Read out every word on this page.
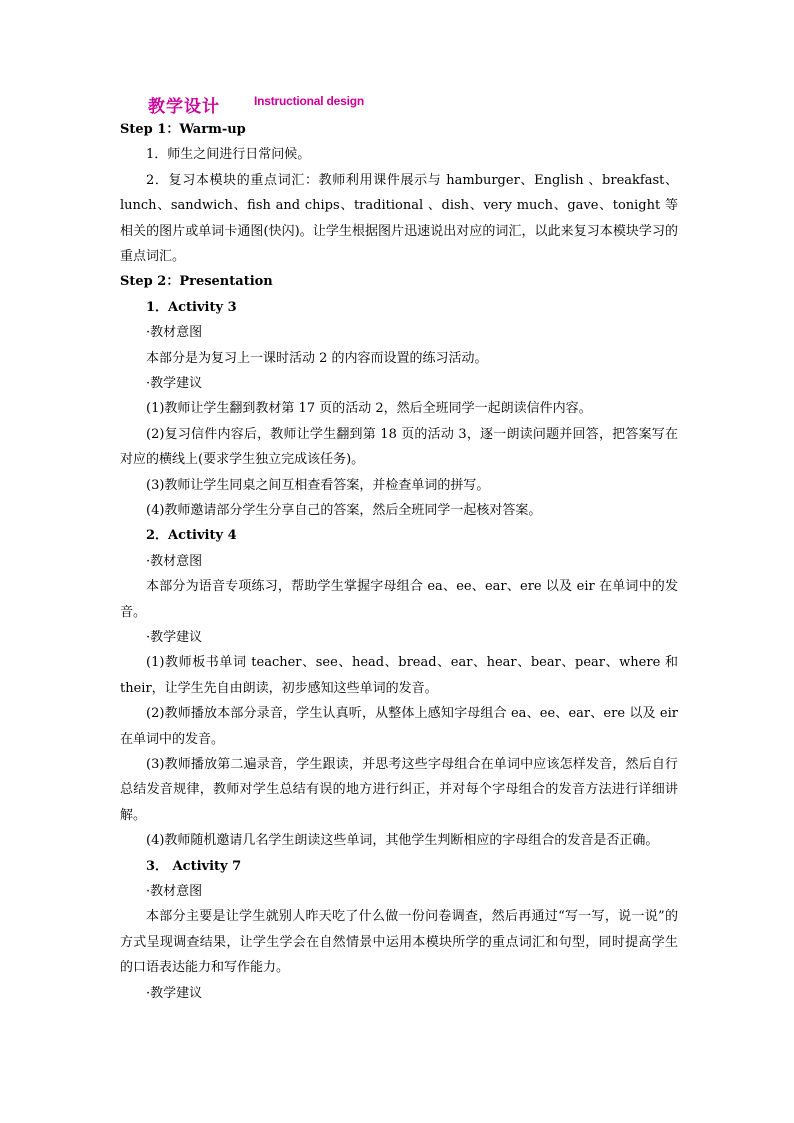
教学设计	Instructional design
Step 1：Warm-up
1．师生之间进行日常问候。
2．复习本模块的重点词汇：教师利用课件展示与 hamburger、English 、breakfast、lunch、sandwich、fish and chips、traditional 、dish、very much、gave、tonight 等相关的图片或单词卡通图(快闪)。让学生根据图片迅速说出对应的词汇，以此来复习本模块学习的重点词汇。
Step 2：Presentation
1．Activity 3
·教材意图
本部分是为复习上一课时活动 2 的内容而设置的练习活动。
·教学建议
(1)教师让学生翻到教材第 17 页的活动 2，然后全班同学一起朗读信件内容。
(2)复习信件内容后，教师让学生翻到第 18 页的活动 3，逐一朗读问题并回答，把答案写在对应的横线上(要求学生独立完成该任务)。
(3)教师让学生同桌之间互相查看答案，并检查单词的拼写。
(4)教师邀请部分学生分享自己的答案，然后全班同学一起核对答案。
2．Activity 4
·教材意图
本部分为语音专项练习，帮助学生掌握字母组合 ea、ee、ear、ere 以及 eir 在单词中的发音。
·教学建议
(1)教师板书单词 teacher、see、head、bread、ear、hear、bear、pear、where 和 their，让学生先自由朗读，初步感知这些单词的发音。
(2)教师播放本部分录音，学生认真听，从整体上感知字母组合 ea、ee、ear、ere 以及 eir 在单词中的发音。
(3)教师播放第二遍录音，学生跟读，并思考这些字母组合在单词中应该怎样发音，然后自行总结发音规律，教师对学生总结有误的地方进行纠正，并对每个字母组合的发音方法进行详细讲解。
(4)教师随机邀请几名学生朗读这些单词，其他学生判断相应的字母组合的发音是否正确。
3． Activity 7
·教材意图
本部分主要是让学生就别人昨天吃了什么做一份问卷调查，然后再通过“写一写，说一说”的方式呈现调查结果，让学生学会在自然情景中运用本模块所学的重点词汇和句型，同时提高学生的口语表达能力和写作能力。
·教学建议
